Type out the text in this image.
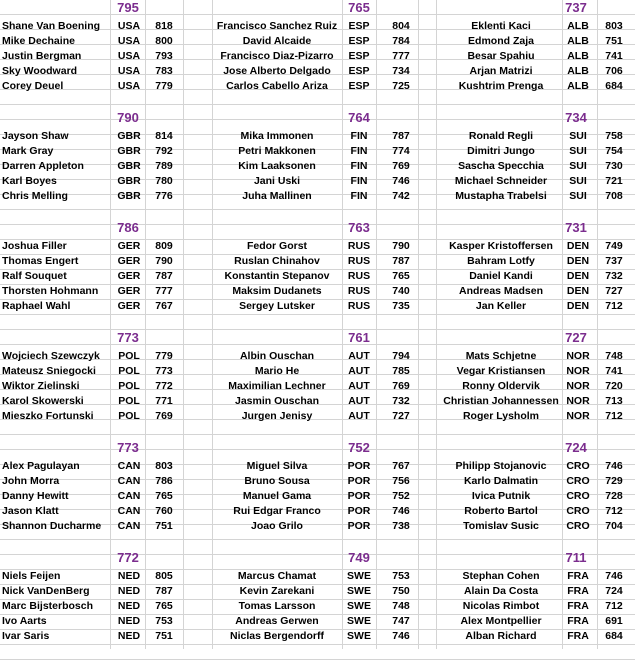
795
Shane Van Boening	USA	818
Mike Dechaine	USA	800
Justin Bergman	USA	793
Sky Woodward	USA	783
Corey Deuel	USA	779
765
Francisco Sanchez Ruiz	ESP	804
David Alcaide	ESP	784
Francisco Diaz-Pizarro	ESP	777
Jose Alberto Delgado	ESP	734
Carlos Cabello Ariza	ESP	725
737
Eklenti Kaci	ALB	803
Edmond Zaja	ALB	751
Besar Spahiu	ALB	741
Arjan Matrizi	ALB	706
Kushtrim Prenga	ALB	684
790
Jayson Shaw	GBR	814
Mark Gray	GBR	792
Darren Appleton	GBR	789
Karl Boyes	GBR	780
Chris Melling	GBR	776
764
Mika Immonen	FIN	787
Petri Makkonen	FIN	774
Kim Laaksonen	FIN	769
Jani Uski	FIN	746
Juha Mallinen	FIN	742
734
Ronald Regli	SUI	758
Dimitri Jungo	SUI	754
Sascha Specchia	SUI	730
Michael Schneider	SUI	721
Mustapha Trabelsi	SUI	708
786
Joshua Filler	GER	809
Thomas Engert	GER	790
Ralf Souquet	GER	787
Thorsten Hohmann	GER	777
Raphael Wahl	GER	767
763
Fedor Gorst	RUS	790
Ruslan Chinahov	RUS	787
Konstantin Stepanov	RUS	765
Maksim Dudanets	RUS	740
Sergey Lutsker	RUS	735
731
Kasper Kristoffersen	DEN	749
Bahram Lotfy	DEN	737
Daniel Kandi	DEN	732
Andreas Madsen	DEN	727
Jan Keller	DEN	712
773
Wojciech Szewczyk	POL	779
Mateusz Sniegocki	POL	773
Wiktor Zielinski	POL	772
Karol Skowerski	POL	771
Mieszko Fortunski	POL	769
761
Albin Ouschan	AUT	794
Mario He	AUT	785
Maximilian Lechner	AUT	769
Jasmin Ouschan	AUT	732
Jurgen Jenisy	AUT	727
727
Mats Schjetne	NOR	748
Vegar Kristiansen	NOR	741
Ronny Oldervik	NOR	720
Christian Johannessen NOR	713
Roger Lysholm	NOR	712
773
Alex Pagulayan	CAN	803
John Morra	CAN	786
Danny Hewitt	CAN	765
Jason Klatt	CAN	760
Shannon Ducharme	CAN	751
752
Miguel Silva	POR	767
Bruno Sousa	POR	756
Manuel Gama	POR	752
Rui Edgar Franco	POR	746
Joao Grilo	POR	738
724
Philipp Stojanovic	CRO	746
Karlo Dalmatin	CRO	729
Ivica Putnik	CRO	728
Roberto Bartol	CRO	712
Tomislav Susic	CRO	704
772
Niels Feijen	NED	805
Nick VanDenBerg	NED	787
Marc Bijsterbosch	NED	765
Ivo Aarts	NED	753
Ivar Saris	NED	751
749
Marcus Chamat	SWE	753
Kevin Zarekani	SWE	750
Tomas Larsson	SWE	748
Andreas Gerwen	SWE	747
Niclas Bergendorff	SWE	746
711
Stephan Cohen	FRA	746
Alain Da Costa	FRA	724
Nicolas Rimbot	FRA	712
Alex Montpellier	FRA	691
Alban Richard	FRA	684
